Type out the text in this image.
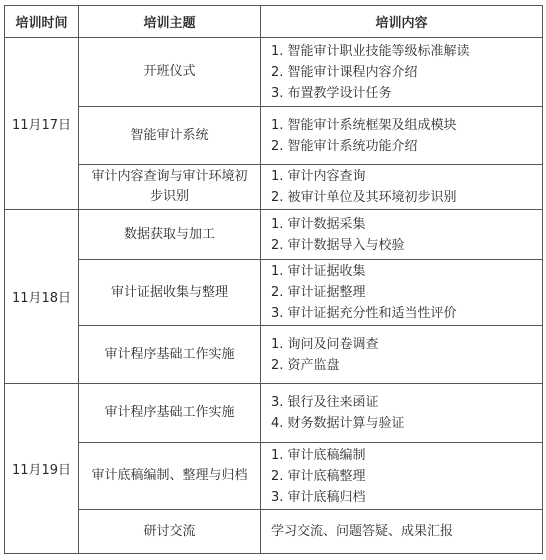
培训时间	培训主题	培训内容
11月17日	开班仪式	1. 智能审计职业技能等级标准解读
2. 智能审计课程内容介绍
3. 布置教学设计任务

	智能审计系统	1. 智能审计系统框架及组成模块
2. 智能审计系统功能介绍

	审计内容查询与审计环境初步识别	1. 审计内容查询
2. 被审计单位及其环境初步识别

11月18日	数据获取与加工	1. 审计数据采集
2. 审计数据导入与校验

	审计证据收集与整理	1. 审计证据收集
2. 审计证据整理
3. 审计证据充分性和适当性评价

	审计程序基础工作实施	1. 询问及问卷调查
2. 资产监盘

11月19日	审计程序基础工作实施	3. 银行及往来函证
4. 财务数据计算与验证

	审计底稿编制、整理与归档	1. 审计底稿编制
2. 审计底稿整理
3. 审计底稿归档

	研讨交流	学习交流、问题答疑、成果汇报
